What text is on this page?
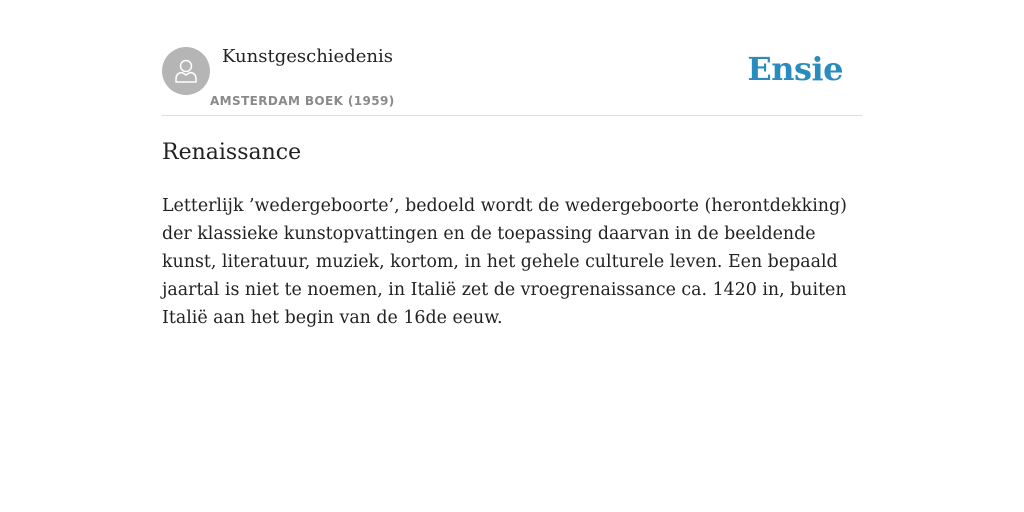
Kunstgeschiedenis
AMSTERDAM BOEK (1959)
Ensie
Renaissance

Letterlijk ’wedergeboorte’, bedoeld wordt de wedergeboorte (herontdekking) der klassieke kunstopvattingen en de toepassing daarvan in de beeldende kunst, literatuur, muziek, kortom, in het gehele culturele leven. Een bepaald jaartal is niet te noemen, in Italië zet de vroegrenaissance ca. 1420 in, buiten Italië aan het begin van de 16de eeuw.
